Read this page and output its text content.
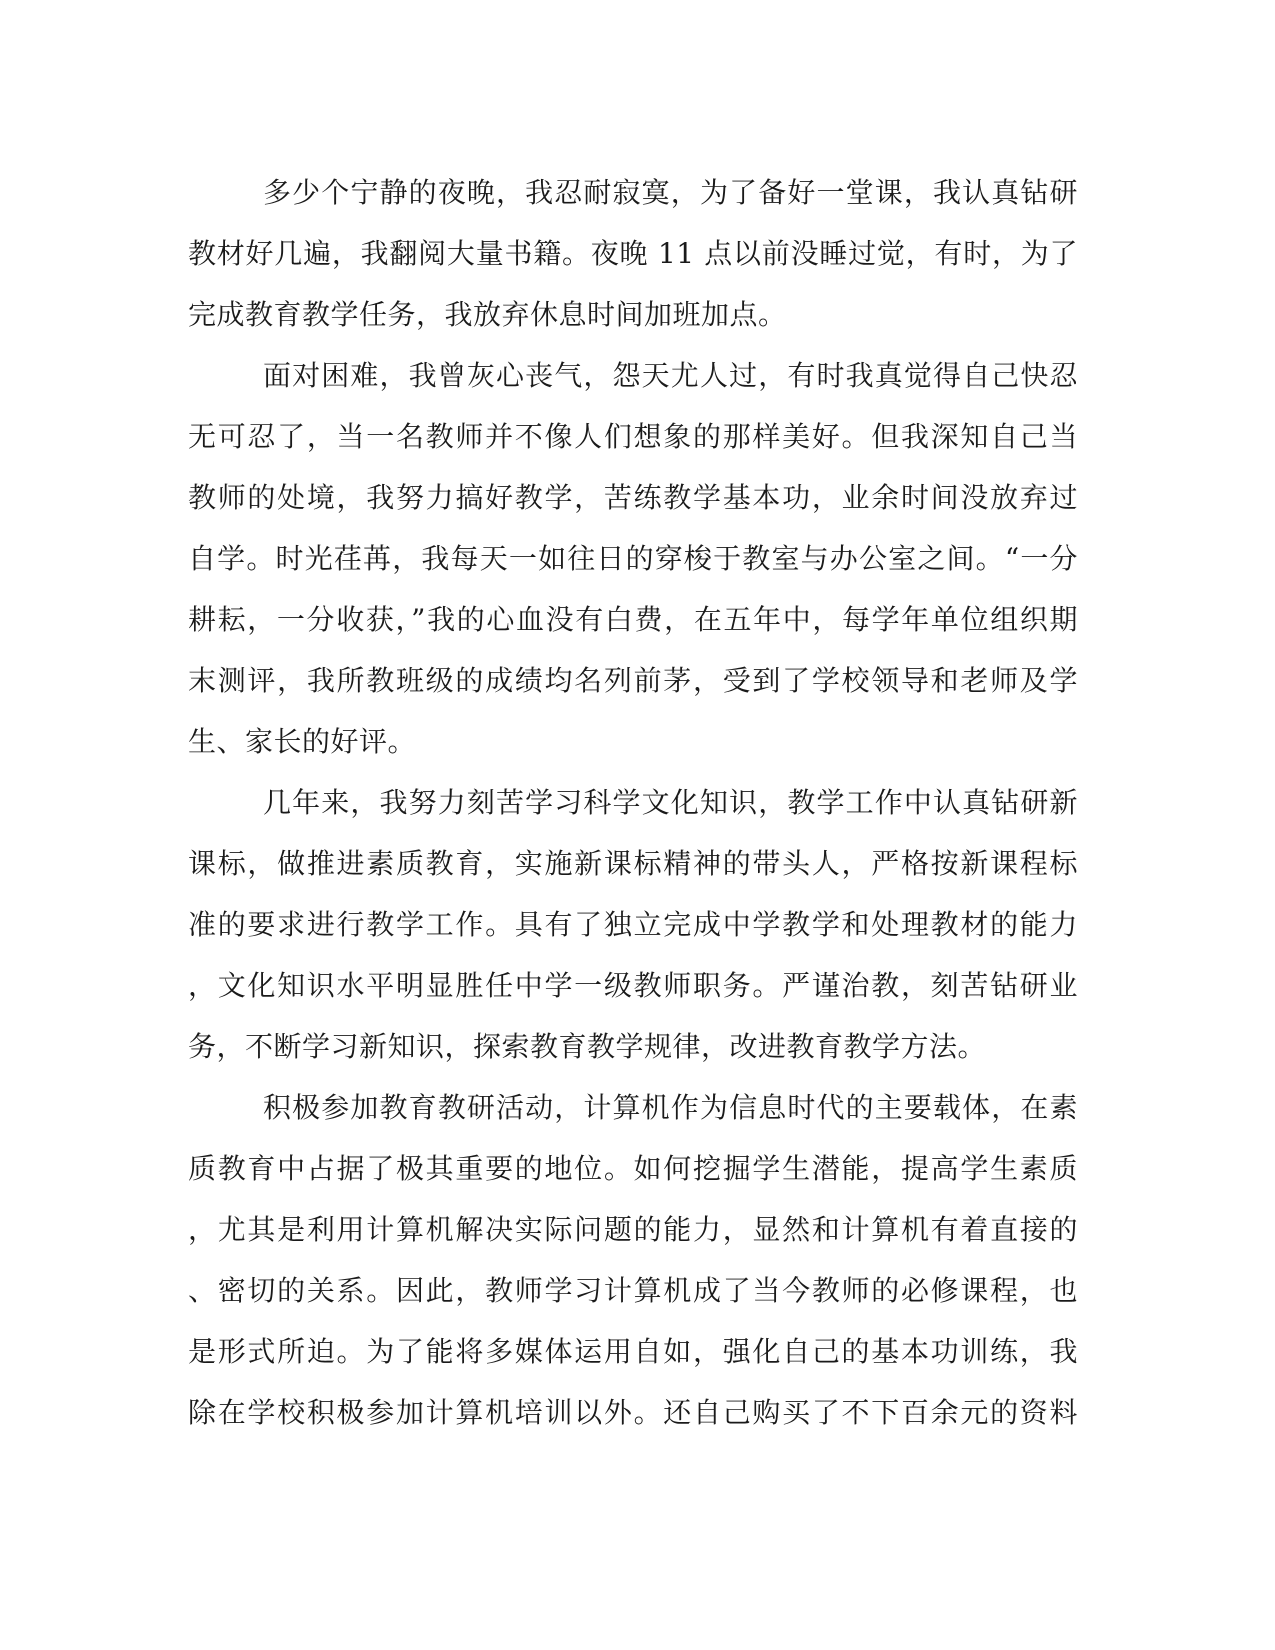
多少个宁静的夜晚，我忍耐寂寞，为了备好一堂课，我认真钻研
教材好几遍，我翻阅大量书籍。夜晚 11 点以前没睡过觉，有时，为了
完成教育教学任务，我放弃休息时间加班加点。
面对困难，我曾灰心丧气，怨天尤人过，有时我真觉得自己快忍
无可忍了，当一名教师并不像人们想象的那样美好。但我深知自己当
教师的处境，我努力搞好教学，苦练教学基本功，业余时间没放弃过
自学。时光荏苒，我每天一如往日的穿梭于教室与办公室之间。“一分
耕耘，一分收获，”我的心血没有白费，在五年中，每学年单位组织期
末测评，我所教班级的成绩均名列前茅，受到了学校领导和老师及学
生、家长的好评。
几年来，我努力刻苦学习科学文化知识，教学工作中认真钻研新
课标，做推进素质教育，实施新课标精神的带头人，严格按新课程标
准的要求进行教学工作。具有了独立完成中学教学和处理教材的能力
，文化知识水平明显胜任中学一级教师职务。严谨治教，刻苦钻研业
务，不断学习新知识，探索教育教学规律，改进教育教学方法。
积极参加教育教研活动，计算机作为信息时代的主要载体，在素
质教育中占据了极其重要的地位。如何挖掘学生潜能，提高学生素质
，尤其是利用计算机解决实际问题的能力，显然和计算机有着直接的
、密切的关系。因此，教师学习计算机成了当今教师的必修课程，也
是形式所迫。为了能将多媒体运用自如，强化自己的基本功训练，我
除在学校积极参加计算机培训以外。还自己购买了不下百余元的资料
